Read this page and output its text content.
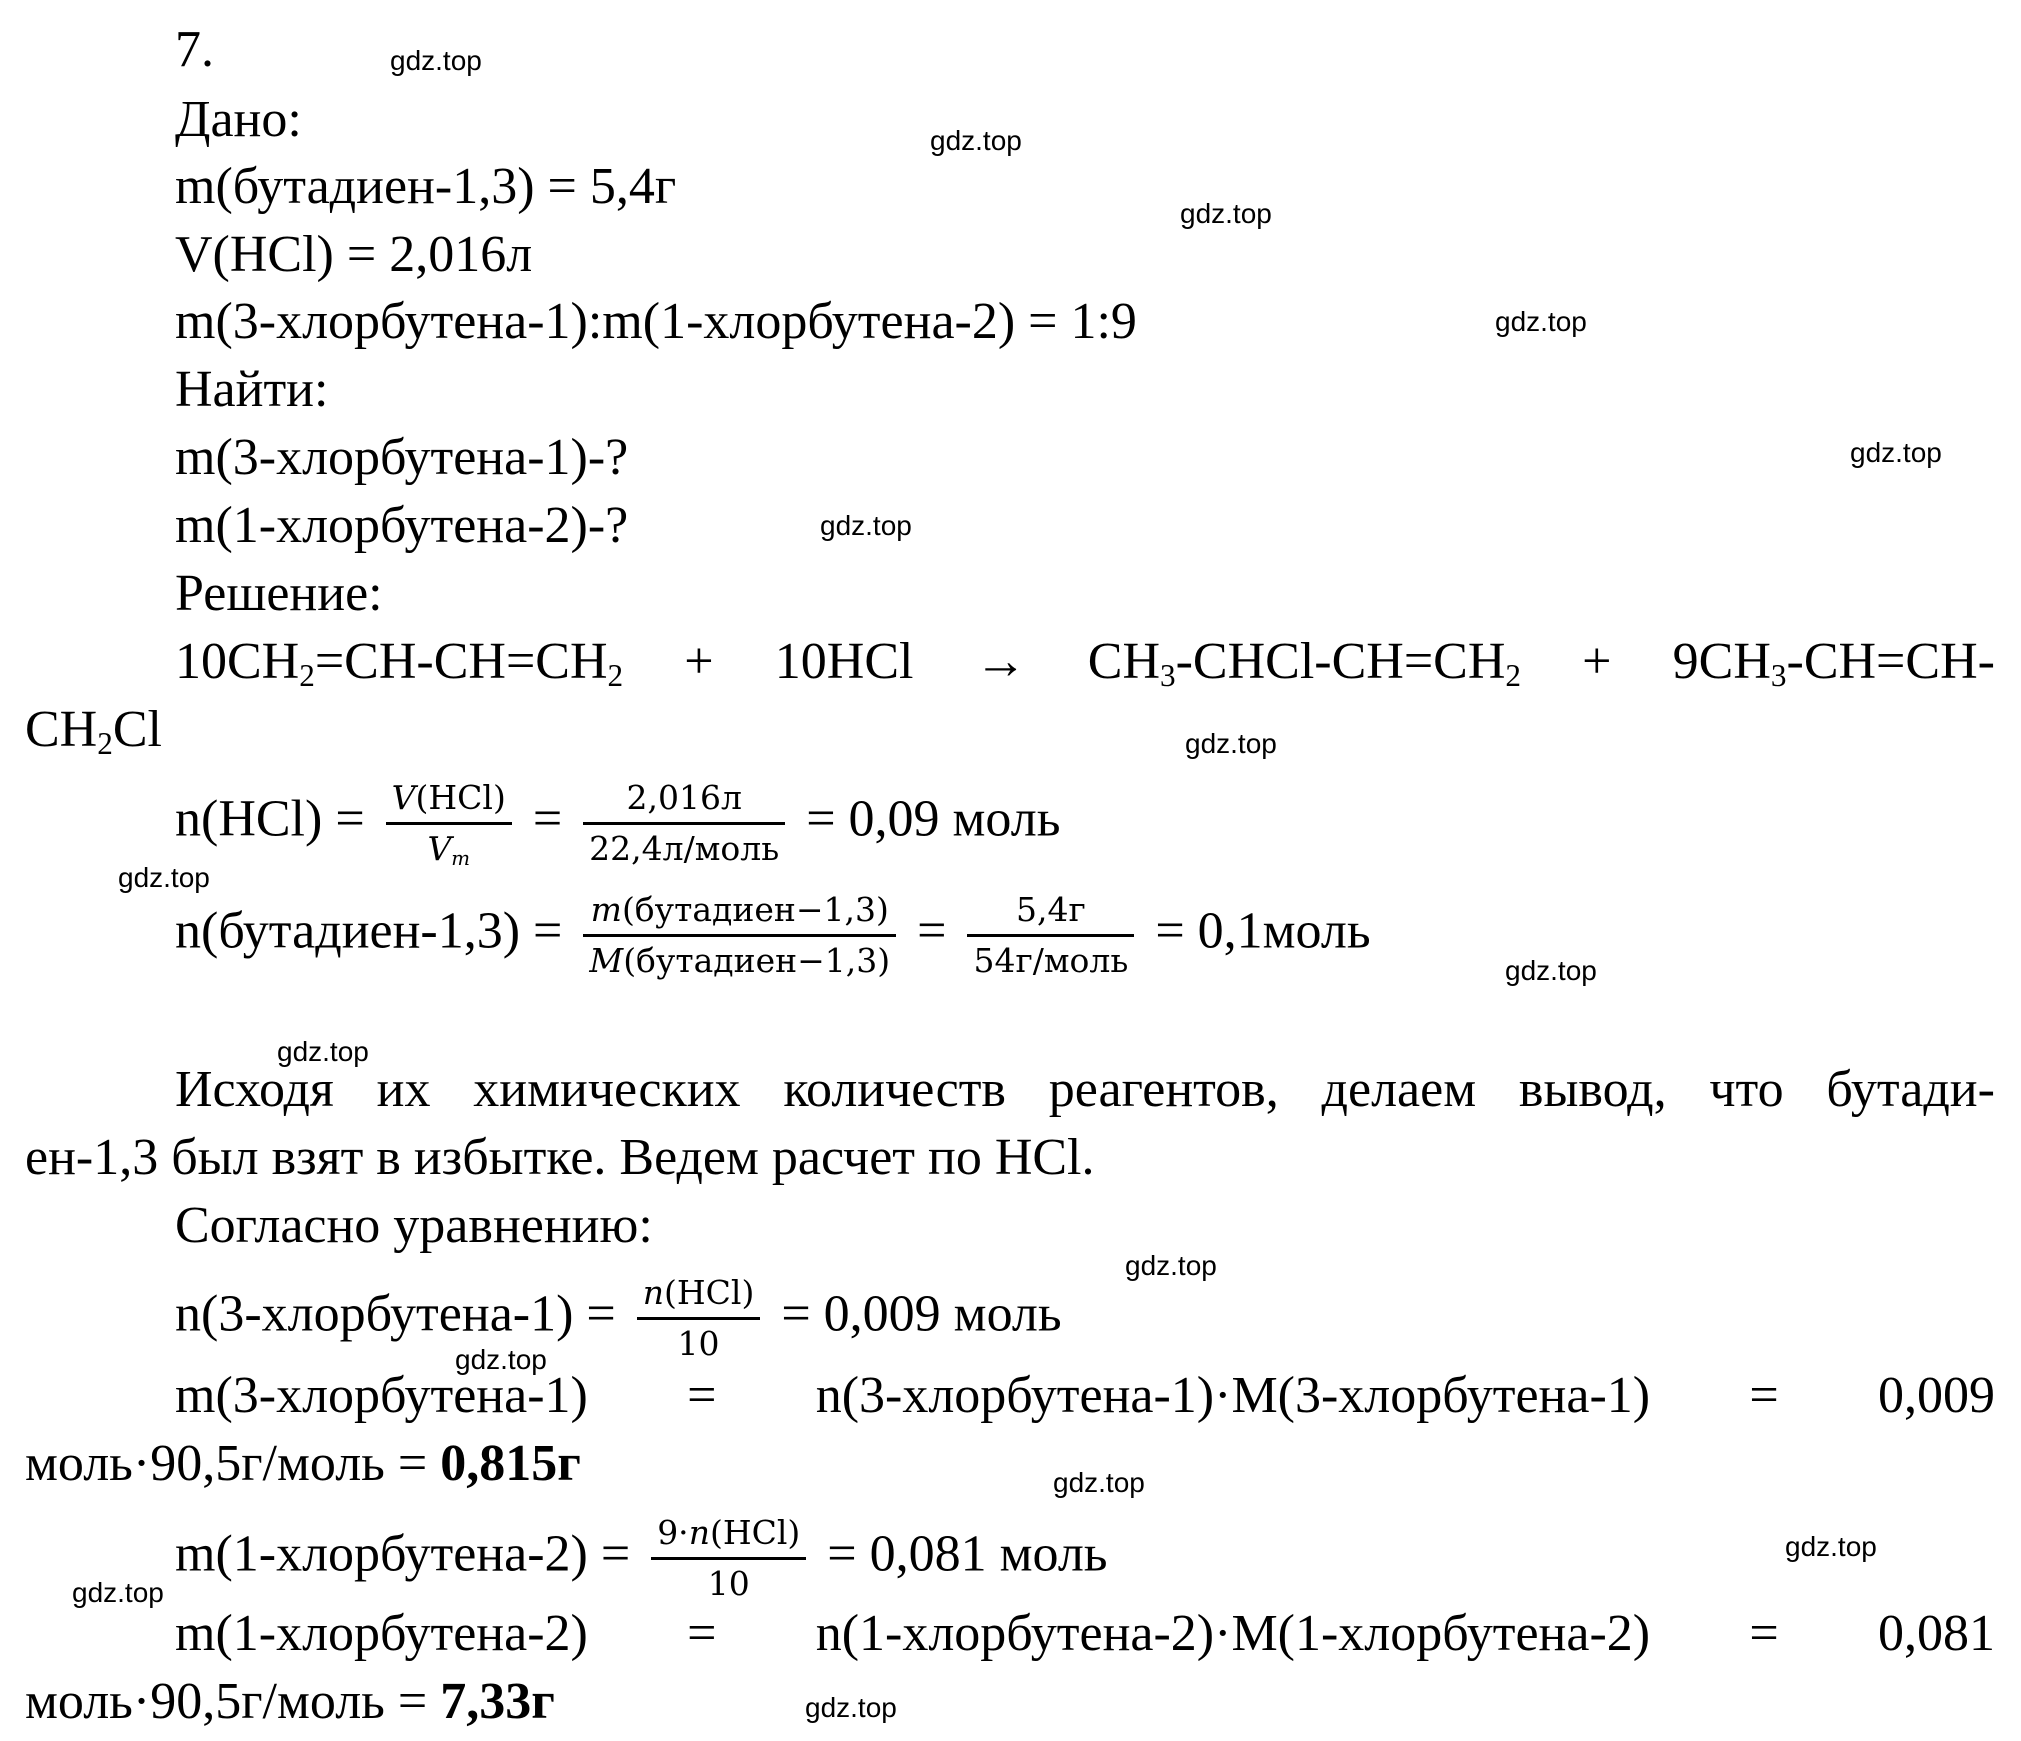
7.
Дано:
m(бутадиен-1,3) = 5,4г
V(HCl) = 2,016л
m(3-хлорбутена-1):m(1-хлорбутена-2) = 1:9
Найти:
m(3-хлорбутена-1)-?
m(1-хлорбутена-2)-?
Решение:
$10CH_2=CH-CH=CH_2 + 10HCl$ → $CH_3-CHCl-CH=CH_2 + 9CH_3-CH=CH-$
$CH_2Cl$
$n(HCl) = \frac{\text{V(HCl)}}{V_m} = \frac{2,016л}{\text{22,4л/моль}} = 0,09$ моль
n(бутадиен-1,3) = $\frac{\text{m(бутадиен−1,3)}}{\text{M(бутадиен−1,3)}} = \frac{5,4г}{\text{54г/моль}}$ = 0,1моль
Исходя их химических количеств реагентов, делаем вывод, что бутади-
ен-1,3 был взят в избытке. Ведем расчет по HCl.
Согласно уравнению:
n(3-хлорбутена-1) = $\frac{\text{n(HCl)}}{10} = 0,009$ моль
m(3-хлорбутена-1) = n(3-хлорбутена-1)·M(3-хлорбутена-1) = 0,009
моль·90,5г/моль = 0,815г
m(1-хлорбутена-2) = $\frac{\text{9·n(HCl)}}{10} = 0,081$ моль
m(1-хлорбутена-2) = n(1-хлорбутена-2)·M(1-хлорбутена-2) = 0,081
моль·90,5г/моль = 7,33г
gdz.top
gdz.top
gdz.top
gdz.top
gdz.top
gdz.top
gdz.top
gdz.top
gdz.top
gdz.top
gdz.top
gdz.top
gdz.top
gdz.top
gdz.top
gdz.top
